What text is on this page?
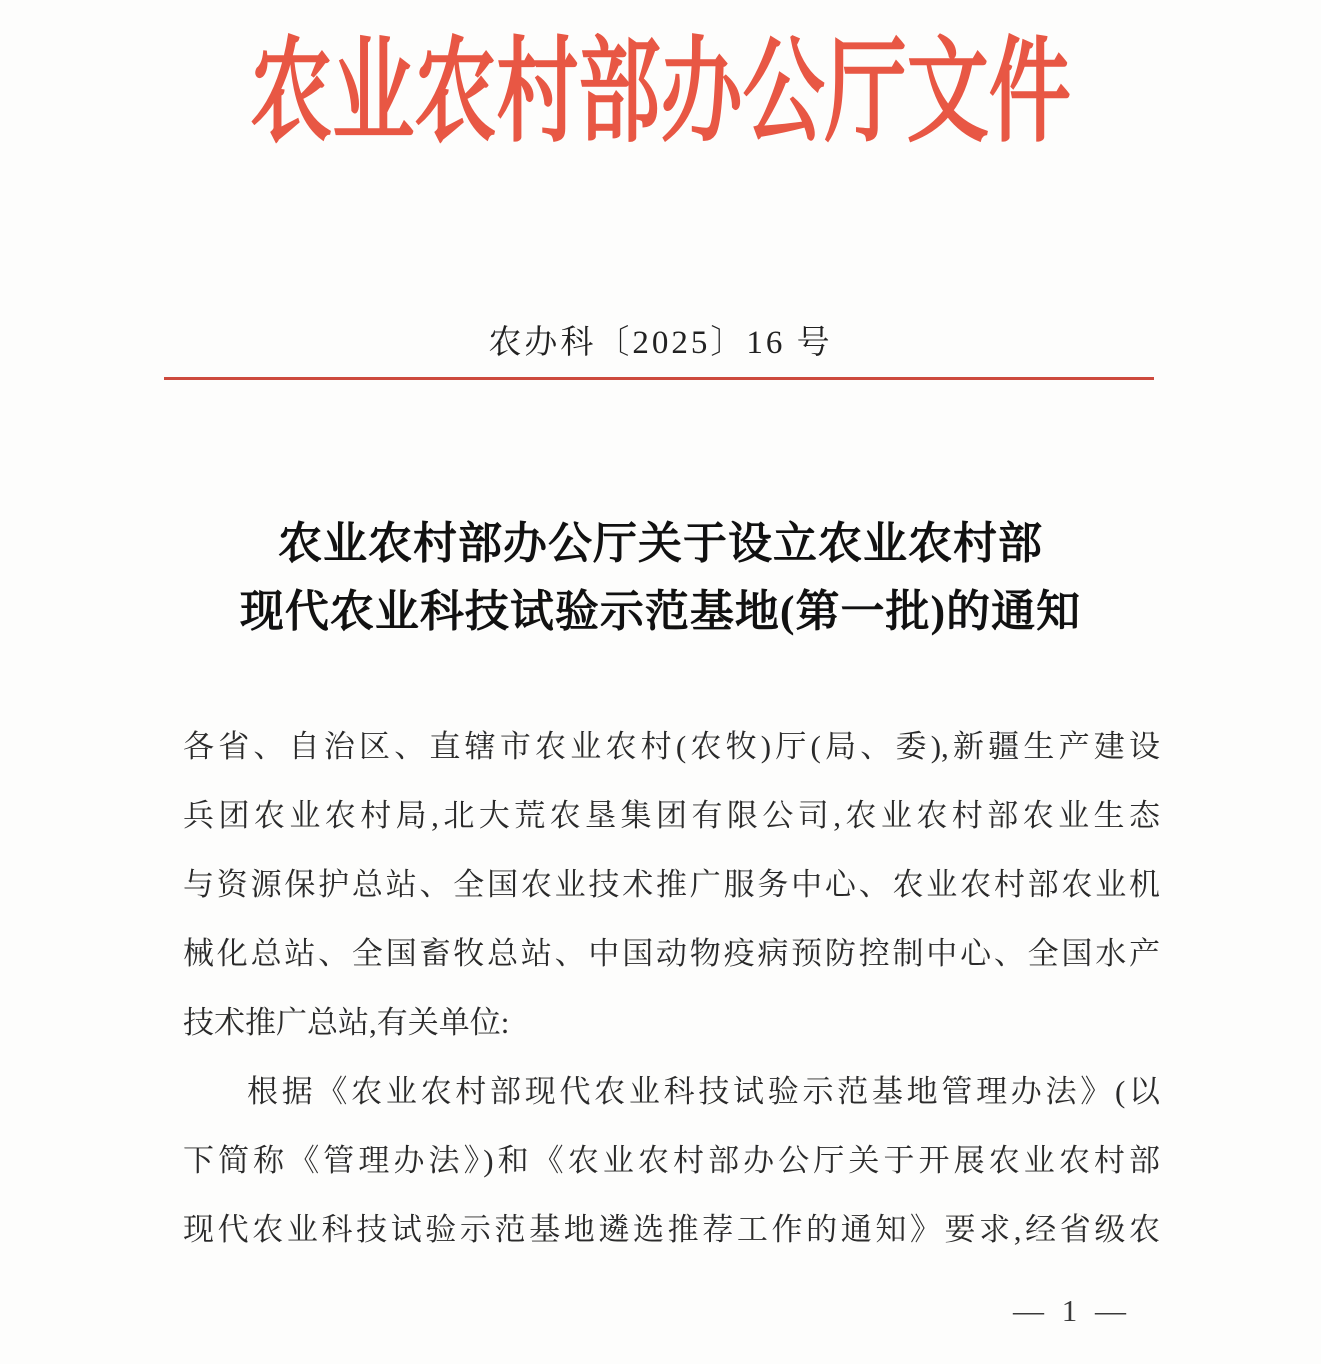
农业农村部办公厅文件
农办科〔2025〕16 号
农业农村部办公厅关于设立农业农村部
现代农业科技试验示范基地(第一批)的通知
各省、自治区、直辖市农业农村(农牧)厅(局、委),新疆生产建设
兵团农业农村局,北大荒农垦集团有限公司,农业农村部农业生态
与资源保护总站、全国农业技术推广服务中心、农业农村部农业机
械化总站、全国畜牧总站、中国动物疫病预防控制中心、全国水产
技术推广总站,有关单位:
根据《农业农村部现代农业科技试验示范基地管理办法》(以
下简称《管理办法》)和《农业农村部办公厅关于开展农业农村部
现代农业科技试验示范基地遴选推荐工作的通知》要求,经省级农
— 1 —
